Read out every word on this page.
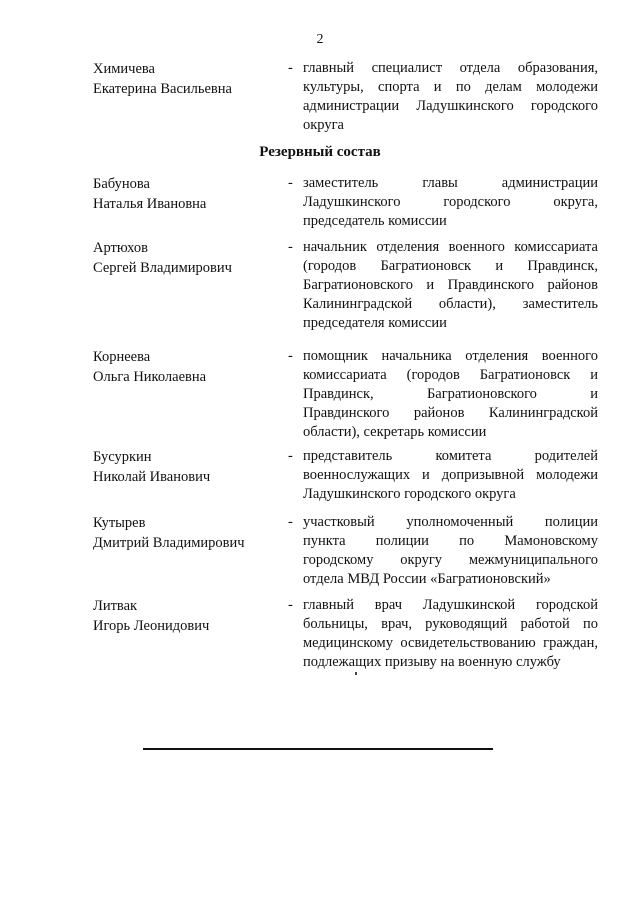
2
Химичева
Екатерина Васильевна
- главный специалист отдела образования,
культуры, спорта и по делам молодежи
администрации Ладушкинского городского
округа
Резервный состав
Бабунова
Наталья Ивановна
- заместитель главы администрации
Ладушкинского городского округа,
председатель комиссии
Артюхов
Сергей Владимирович
- начальник отделения военного комиссариата
(городов Багратионовск и Правдинск,
Багратионовского и Правдинского районов
Калининградской области), заместитель
председателя комиссии
Корнеева
Ольга Николаевна
- помощник начальника отделения военного
комиссариата (городов Багратионовск и
Правдинск, Багратионовского и
Правдинского районов Калининградской
области), секретарь комиссии
Бусуркин
Николай Иванович
- представитель комитета родителей
военнослужащих и допризывной молодежи
Ладушкинского городского округа
Кутырев
Дмитрий Владимирович
- участковый уполномоченный полиции
пункта полиции по Мамоновскому
городскому округу межмуниципального
отдела МВД России «Багратионовский»
Литвак
Игорь Леонидович
- главный врач Ладушкинской городской
больницы, врач, руководящий работой по
медицинскому освидетельствованию граждан,
подлежащих призыву на военную службу
